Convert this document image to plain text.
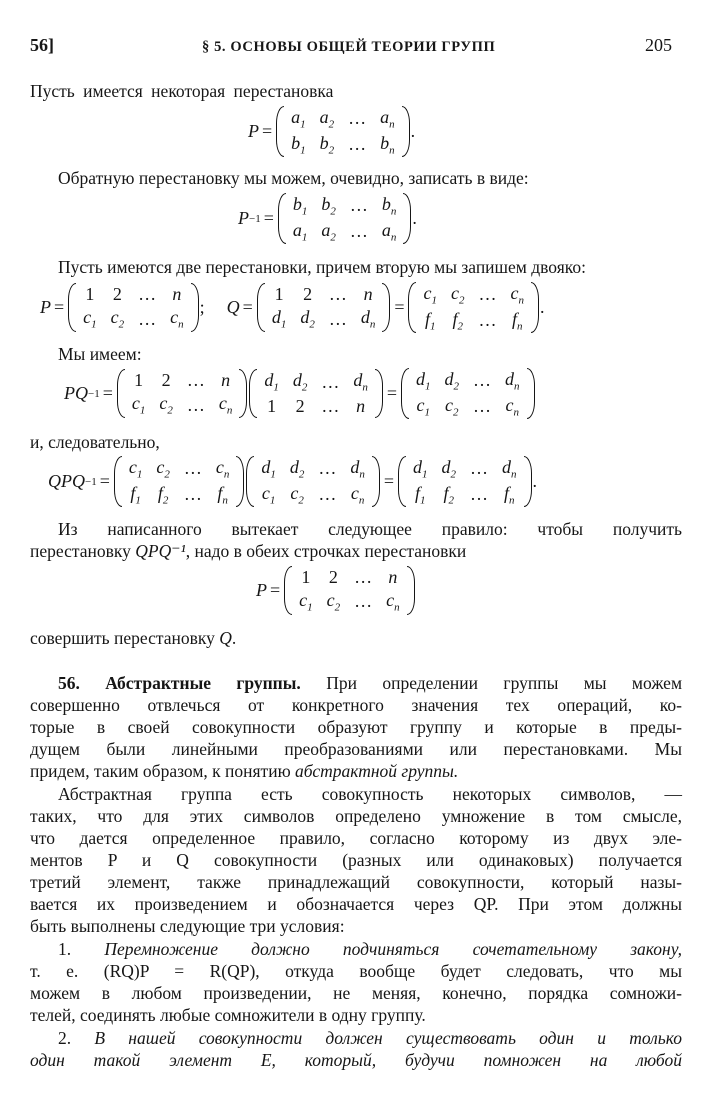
56]	§ 5. ОСНОВЫ ОБЩЕЙ ТЕОРИИ ГРУПП	205
Пусть имеется некоторая перестановка
P =
$a_1$	$a_2$	…	$a_n$
$b_1$	$b_2$	…	$b_n$
.
Обратную перестановку мы можем, очевидно, записать в виде:
P −1 =
$b_1$	$b_2$	…	$b_n$
$a_1$	$a_2$	…	$a_n$
.
Пусть имеются две перестановки, причем вторую мы запишем двояко:
P =
1	2	…	n
$c_1$	$c_2$	…	$c_n$
; Q =
1	2	…	n
$d_1$	$d_2$	…	$d_n$
=
$c_1$	$c_2$	…	$c_n$
$f_1$	$f_2$	…	$f_n$
.
Мы имеем:
PQ −1 =
1	2	…	n
$c_1$	$c_2$	…	$c_n$
$d_1$	$d_2$	…	$d_n$
1	2	…	n
=
$d_1$	$d_2$	…	$d_n$
$c_1$	$c_2$	…	$c_n$
и, следовательно,
QPQ −1 =
$c_1$	$c_2$	…	$c_n$
$f_1$	$f_2$	…	$f_n$
$d_1$	$d_2$	…	$d_n$
$c_1$	$c_2$	…	$c_n$
=
$d_1$	$d_2$	…	$d_n$
$f_1$	$f_2$	…	$f_n$
.
Из написанного вытекает следующее правило: чтобы получить
перестановку QPQ⁻¹, надо в обеих строчках перестановки
P =
1	2	…	n
$c_1$	$c_2$	…	$c_n$
совершить перестановку Q.
56. Абстрактные группы. При определении группы мы можем
совершенно отвлечься от конкретного значения тех операций, ко-
торые в своей совокупности образуют группу и которые в преды-
дущем были линейными преобразованиями или перестановками. Мы
придем, таким образом, к понятию абстрактной группы.
Абстрактная группа есть совокупность некоторых символов, —
таких, что для этих символов определено умножение в том смысле,
что дается определенное правило, согласно которому из двух эле-
ментов P и Q совокупности (разных или одинаковых) получается
третий элемент, также принадлежащий совокупности, который назы-
вается их произведением и обозначается через QP. При этом должны
быть выполнены следующие три условия:
1. Перемножение должно подчиняться сочетательному закону,
т. е. (RQ)P = R(QP), откуда вообще будет следовать, что мы
можем в любом произведении, не меняя, конечно, порядка сомножи-
телей, соединять любые сомножители в одну группу.
2. В нашей совокупности должен существовать один и только
один такой элемент E, который, будучи помножен на любой
